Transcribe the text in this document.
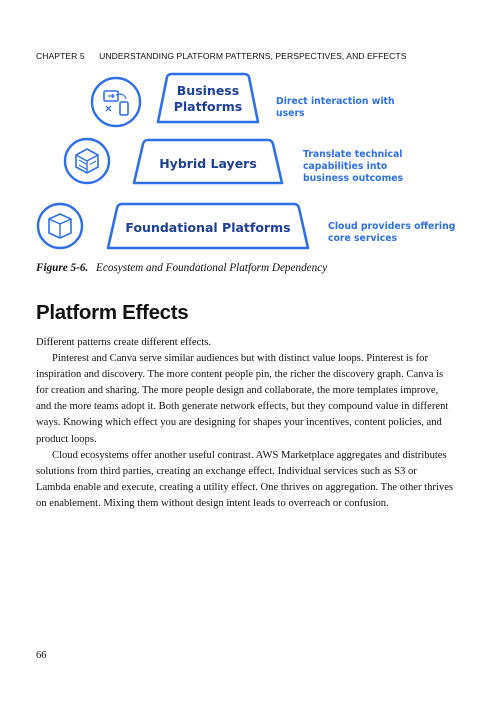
CHAPTER 5 UNDERSTANDING PLATFORM PATTERNS, PERSPECTIVES, AND EFFECTS
Business
Platforms	Direct interaction with
users
Hybrid Layers
Translate technical
capabilities into
business outcomes
Foundational Platforms	Cloud providers offering
core services
Figure 5-6. Ecosystem and Foundational Platform Dependency
Platform Effects

Different patterns create different effects.

Pinterest and Canva serve similar audiences but with distinct value loops. Pinterest is for inspiration and discovery. The more content people pin, the richer the discovery graph. Canva is for creation and sharing. The more people design and collaborate, the more templates improve, and the more teams adopt it. Both generate network effects, but they compound value in different ways. Knowing which effect you are designing for shapes your incentives, content policies, and product loops.

Cloud ecosystems offer another useful contrast. AWS Marketplace aggregates and distributes solutions from third parties, creating an exchange effect. Individual services such as S3 or Lambda enable and execute, creating a utility effect. One thrives on aggregation. The other thrives on enablement. Mixing them without design intent leads to overreach or confusion.

66
